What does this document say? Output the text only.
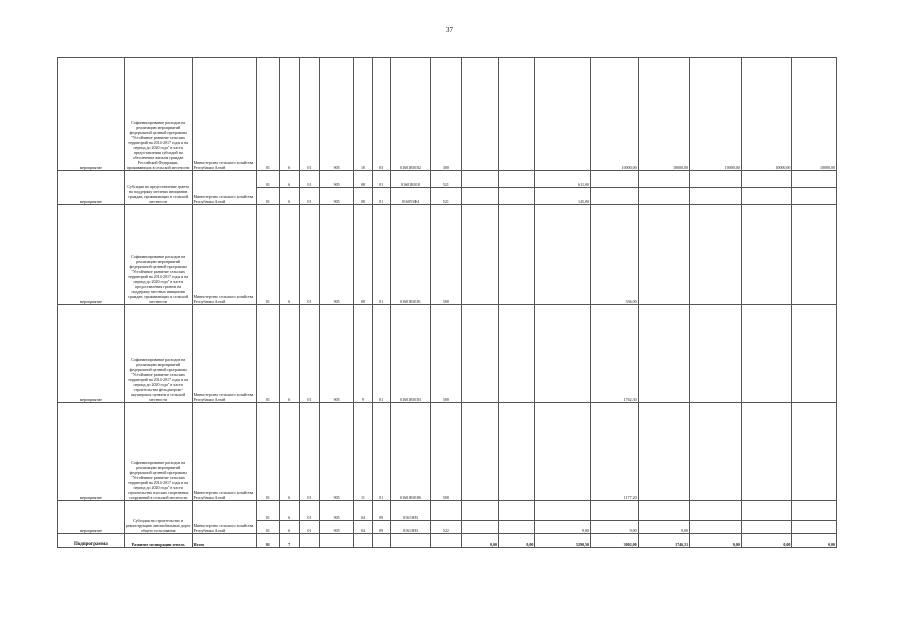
37
мероприятие	Софинансирование расходов на реализацию мероприятий федеральной целевой программы "Устойчивое развитие сельских территорий на 2014-2017 годы и на период до 2020 года" в части предоставления субсидий на обеспечение жильем граждан Российской Федерации, проживающих в сельской местности	Министерство сельского хозяйства Республики Алтай	01	6	01	905	10	03	01601R0182	300				10000,00	10000,00	10000,00	10000,00	10000,00
мероприятие	Субсидия на предоставление гранта на поддержку местных инициатив граждан, проживающих в сельской местности	Министерство сельского хозяйства Республики Алтай	01	6	01	905	08	01	01601R018	521			611,00					
			01	6	01	905	08	01	016053Ф4	521			145,00					
мероприятие	Софинансирование расходов на реализацию мероприятий федеральной целевой программы "Устойчивое развитие сельских территорий на 2014-2017 годы и на период до 2020 года" в части предоставления грантов на поддержку местных инициатив граждан, проживающих в сельской местности	Министерство сельского хозяйства Республики Алтай	01	6	01	905	08	01	01601R0181	500				336,00				
мероприятие	Софинансирование расходов на реализацию мероприятий федеральной целевой программы "Устойчивое развитие сельских территорий на 2014-2017 годы и на период до 2020 года" в части строительства фельдшерско-акушерских пунктов в сельской местности	Министерство сельского хозяйства Республики Алтай	01	6	01	905	9	01	01601R0183	500				1762,30				
мероприятие	Софинансирование расходов на реализацию мероприятий федеральной целевой программы "Устойчивое развитие сельских территорий на 2014-2017 годы и на период до 2020 года" в части строительства плоских спортивных сооружений в сельской местности	Министерство сельского хозяйства Республики Алтай	01	6	01	905	11	01	01601R0186	500				1177,20				
мероприятие	Субсидия на строительство и реконструкцию автомобильных дорог общего пользования	Министерство сельского хозяйства Республики Алтай	01	6	01	905	04	09	01613Н3									
			01	6	01	905	04	09	01613Н3	522			9,00	9,00	9,00			
Подпрограмма	Развитие мелиорации земель	Итого	01	7							0,00	0,00	5290,50	3002,00	1746,51	0,00	0,00	0,00
